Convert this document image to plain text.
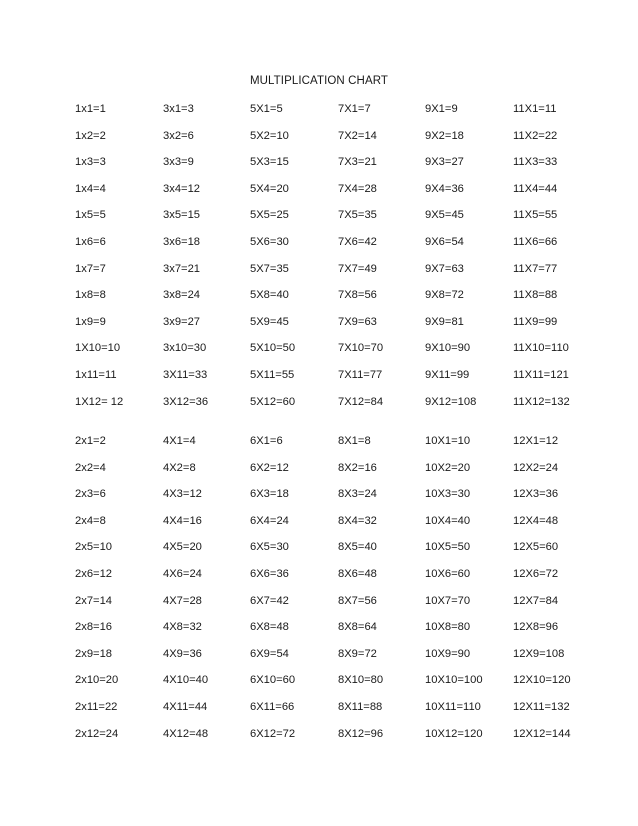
MULTIPLICATION CHART
1x1=1
1x2=2
1x3=3
1x4=4
1x5=5
1x6=6
1x7=7
1x8=8
1x9=9
1X10=10
1x11=11
1X12= 12
3x1=3
3x2=6
3x3=9
3x4=12
3x5=15
3x6=18
3x7=21
3x8=24
3x9=27
3x10=30
3X11=33
3X12=36
5X1=5
5X2=10
5X3=15
5X4=20
5X5=25
5X6=30
5X7=35
5X8=40
5X9=45
5X10=50
5X11=55
5X12=60
7X1=7
7X2=14
7X3=21
7X4=28
7X5=35
7X6=42
7X7=49
7X8=56
7X9=63
7X10=70
7X11=77
7X12=84
9X1=9
9X2=18
9X3=27
9X4=36
9X5=45
9X6=54
9X7=63
9X8=72
9X9=81
9X10=90
9X11=99
9X12=108
11X1=11
11X2=22
11X3=33
11X4=44
11X5=55
11X6=66
11X7=77
11X8=88
11X9=99
11X10=110
11X11=121
11X12=132
2x1=2
2x2=4
2x3=6
2x4=8
2x5=10
2x6=12
2x7=14
2x8=16
2x9=18
2x10=20
2x11=22
2x12=24
4X1=4
4X2=8
4X3=12
4X4=16
4X5=20
4X6=24
4X7=28
4X8=32
4X9=36
4X10=40
4X11=44
4X12=48
6X1=6
6X2=12
6X3=18
6X4=24
6X5=30
6X6=36
6X7=42
6X8=48
6X9=54
6X10=60
6X11=66
6X12=72
8X1=8
8X2=16
8X3=24
8X4=32
8X5=40
8X6=48
8X7=56
8X8=64
8X9=72
8X10=80
8X11=88
8X12=96
10X1=10
10X2=20
10X3=30
10X4=40
10X5=50
10X6=60
10X7=70
10X8=80
10X9=90
10X10=100
10X11=110
10X12=120
12X1=12
12X2=24
12X3=36
12X4=48
12X5=60
12X6=72
12X7=84
12X8=96
12X9=108
12X10=120
12X11=132
12X12=144
